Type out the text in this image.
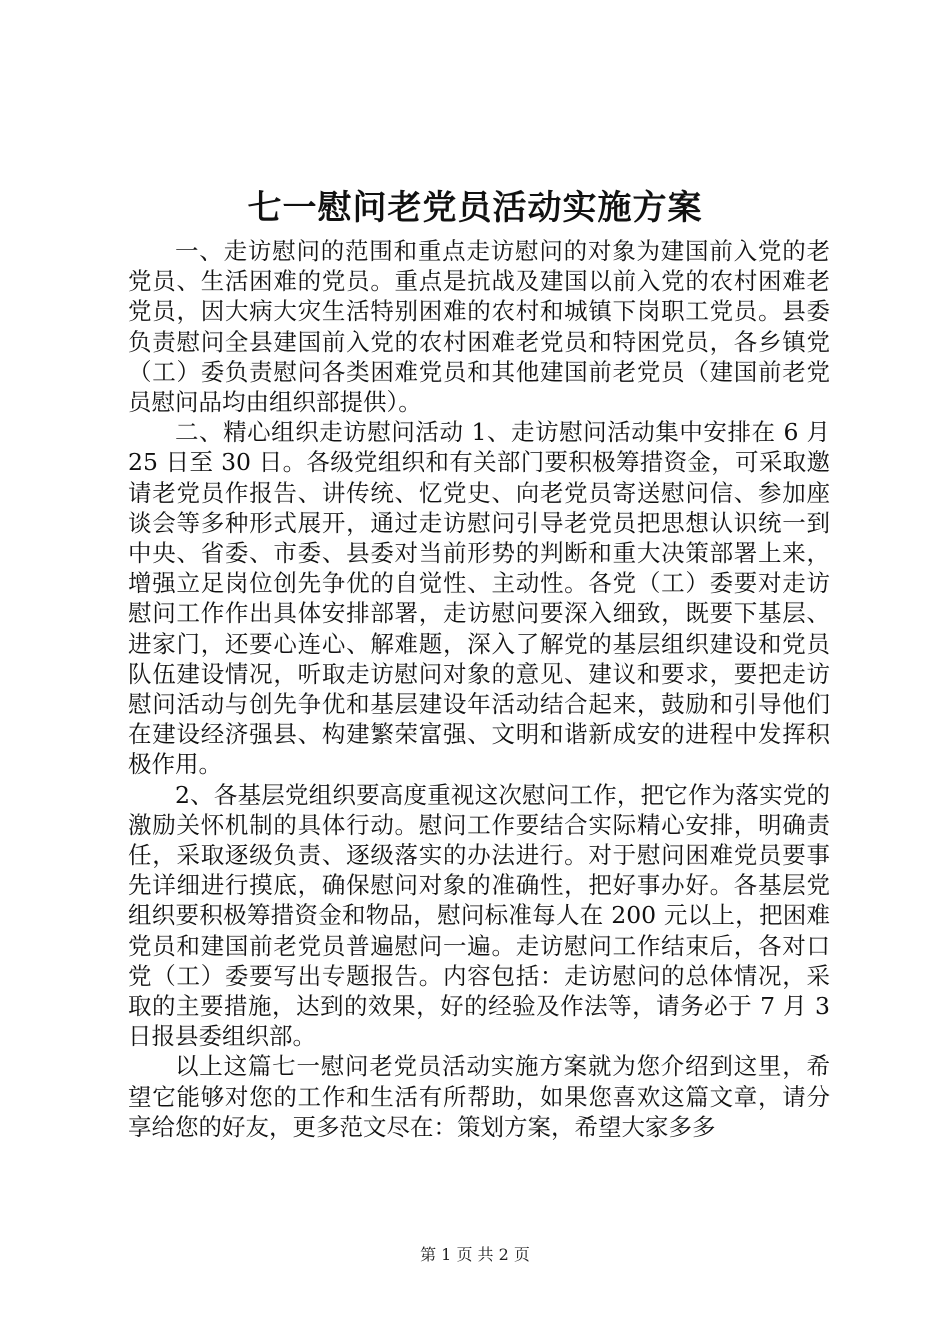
七一慰问老党员活动实施方案

一、走访慰问的范围和重点走访慰问的对象为建国前入党的老党员、生活困难的党员。重点是抗战及建国以前入党的农村困难老党员，因大病大灾生活特别困难的农村和城镇下岗职工党员。县委负责慰问全县建国前入党的农村困难老党员和特困党员，各乡镇党（工）委负责慰问各类困难党员和其他建国前老党员（建国前老党员慰问品均由组织部提供）。

二、精心组织走访慰问活动 1、走访慰问活动集中安排在 6 月 25 日至 30 日。各级党组织和有关部门要积极筹措资金，可采取邀请老党员作报告、讲传统、忆党史、向老党员寄送慰问信、参加座谈会等多种形式展开，通过走访慰问引导老党员把思想认识统一到中央、省委、市委、县委对当前形势的判断和重大决策部署上来，增强立足岗位创先争优的自觉性、主动性。各党（工）委要对走访慰问工作作出具体安排部署，走访慰问要深入细致，既要下基层、进家门，还要心连心、解难题，深入了解党的基层组织建设和党员队伍建设情况，听取走访慰问对象的意见、建议和要求，要把走访慰问活动与创先争优和基层建设年活动结合起来，鼓励和引导他们在建设经济强县、构建繁荣富强、文明和谐新成安的进程中发挥积极作用。

2、各基层党组织要高度重视这次慰问工作，把它作为落实党的激励关怀机制的具体行动。慰问工作要结合实际精心安排，明确责任，采取逐级负责、逐级落实的办法进行。对于慰问困难党员要事先详细进行摸底，确保慰问对象的准确性，把好事办好。各基层党组织要积极筹措资金和物品，慰问标准每人在 200 元以上，把困难党员和建国前老党员普遍慰问一遍。走访慰问工作结束后，各对口党（工）委要写出专题报告。内容包括：走访慰问的总体情况，采取的主要措施，达到的效果，好的经验及作法等，请务必于 7 月 3 日报县委组织部。

以上这篇七一慰问老党员活动实施方案就为您介绍到这里，希望它能够对您的工作和生活有所帮助，如果您喜欢这篇文章，请分享给您的好友，更多范文尽在：策划方案，希望大家多多

第 1 页 共 2 页
